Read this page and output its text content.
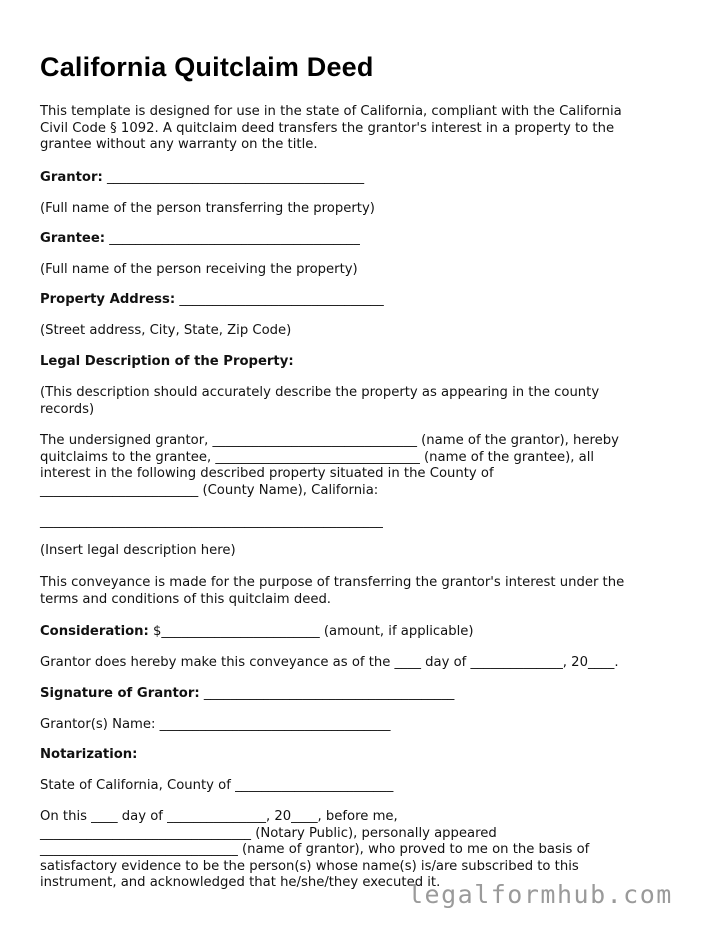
California Quitclaim Deed
This template is designed for use in the state of California, compliant with the California
Civil Code § 1092. A quitclaim deed transfers the grantor's interest in a property to the
grantee without any warranty on the title.
Grantor: _______________________________________
(Full name of the person transferring the property)
Grantee: ______________________________________
(Full name of the person receiving the property)
Property Address: _______________________________
(Street address, City, State, Zip Code)
Legal Description of the Property:
(This description should accurately describe the property as appearing in the county
records)
The undersigned grantor, _______________________________ (name of the grantor), hereby
quitclaims to the grantee, _______________________________ (name of the grantee), all
interest in the following described property situated in the County of
________________________ (County Name), California:
____________________________________________________
(Insert legal description here)
This conveyance is made for the purpose of transferring the grantor's interest under the
terms and conditions of this quitclaim deed.
Consideration: $________________________ (amount, if applicable)
Grantor does hereby make this conveyance as of the ____ day of ______________, 20____.
Signature of Grantor: ______________________________________
Grantor(s) Name: ___________________________________
Notarization:
State of California, County of ________________________
On this ____ day of _______________, 20____, before me,
________________________________ (Notary Public), personally appeared
______________________________ (name of grantor), who proved to me on the basis of
satisfactory evidence to be the person(s) whose name(s) is/are subscribed to this
instrument, and acknowledged that he/she/they executed it.
legalformhub.com
